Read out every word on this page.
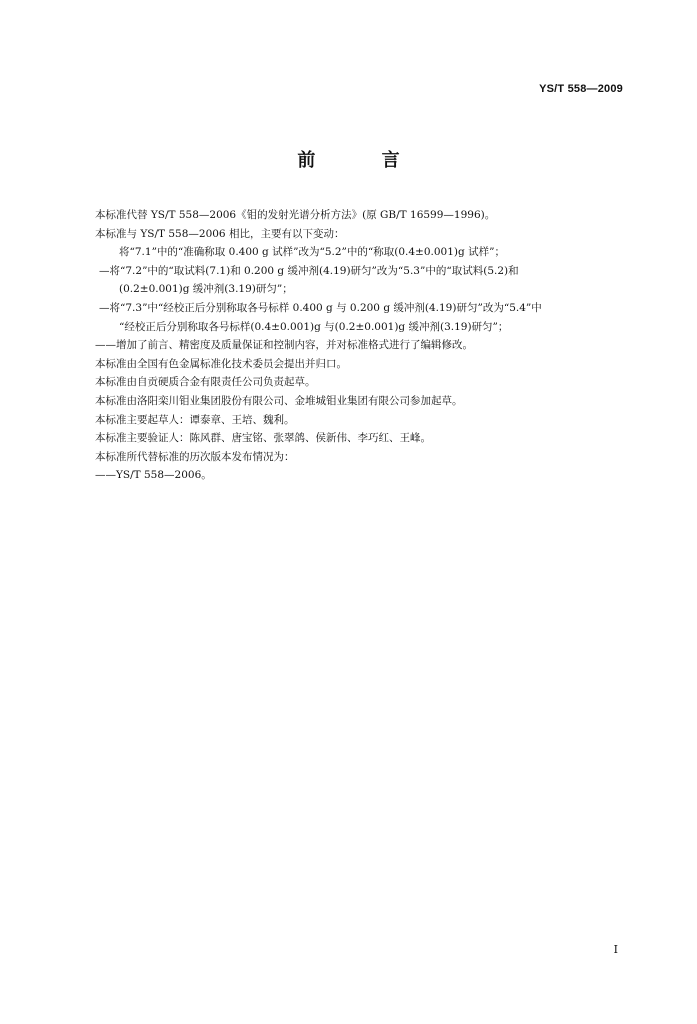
YS/T 558—2009
前 言
本标准代替 YS/T 558—2006《钼的发射光谱分析方法》(原 GB/T 16599—1996)。
本标准与 YS/T 558—2006 相比，主要有以下变动：
将“7.1”中的“准确称取 0.400 g 试样”改为“5.2”中的“称取(0.4±0.001)g 试样”；
—将“7.2”中的“取试料(7.1)和 0.200 g 缓冲剂(4.19)研匀”改为“5.3”中的“取试料(5.2)和
(0.2±0.001)g 缓冲剂(3.19)研匀”；
—将“7.3”中“经校正后分别称取各号标样 0.400 g 与 0.200 g 缓冲剂(4.19)研匀”改为“5.4”中
“经校正后分别称取各号标样(0.4±0.001)g 与(0.2±0.001)g 缓冲剂(3.19)研匀”；
——增加了前言、精密度及质量保证和控制内容，并对标准格式进行了编辑修改。
本标准由全国有色金属标准化技术委员会提出并归口。
本标准由自贡硬质合金有限责任公司负责起草。
本标准由洛阳栾川钼业集团股份有限公司、金堆城钼业集团有限公司参加起草。
本标准主要起草人：谭泰章、王培、魏利。
本标准主要验证人：陈风群、唐宝铭、张翠鸽、侯新伟、李巧红、王峰。
本标准所代替标准的历次版本发布情况为：
——YS/T 558—2006。
I
